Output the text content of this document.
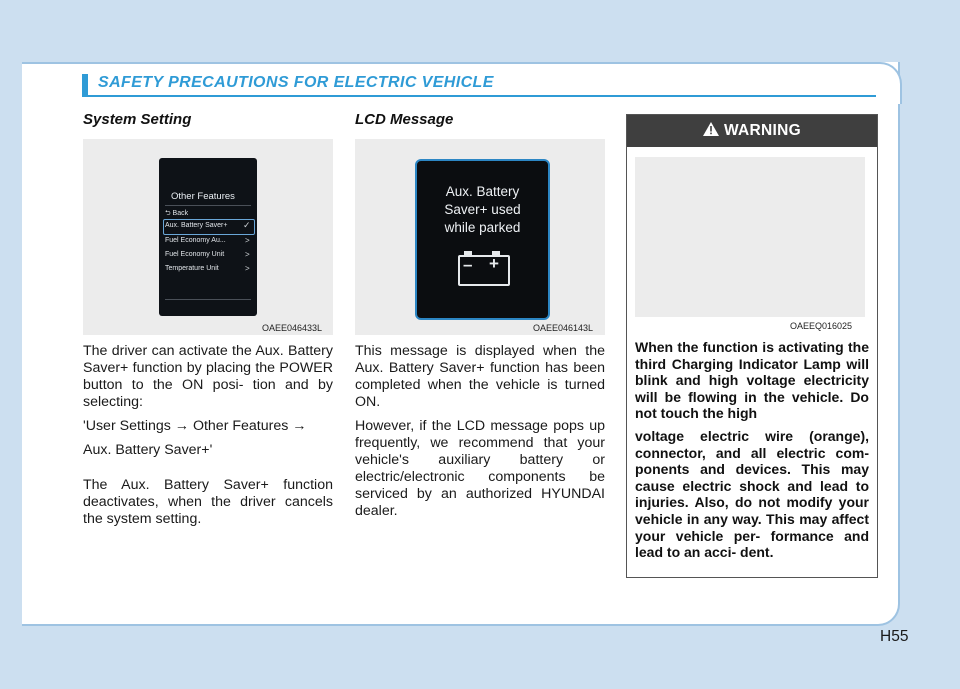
SAFETY PRECAUTIONS FOR ELECTRIC VEHICLE
System Setting
Other Features
⮌ Back
Aux. Battery Saver+ ✓
Fuel Economy Au... >
Fuel Economy Unit	>
Temperature Unit	>
OAEE046433L

The driver can activate the Aux. Battery Saver+ function by placing the POWER button to the ON posi- tion and by selecting:

'User Settings → Other Features →

Aux. Battery Saver+'

The Aux. Battery Saver+ function deactivates, when the driver cancels the system setting.

LCD Message
Aux. Battery
Saver+ used
while parked
– +
OAEE046143L

This message is displayed when the Aux. Battery Saver+ function has been completed when the vehicle is turned ON.

However, if the LCD message pops up frequently, we recommend that your vehicle's auxiliary battery or electric/electronic components be serviced by an authorized HYUNDAI dealer.

WARNING
OAEEQ016025

When the function is activating the third Charging Indicator Lamp will blink and high voltage electricity will be flowing in the vehicle. Do not touch the high

voltage electric wire (orange), connector, and all electric com- ponents and devices. This may cause electric shock and lead to injuries. Also, do not modify your vehicle in any way. This may affect your vehicle per- formance and lead to an acci- dent.

H55
